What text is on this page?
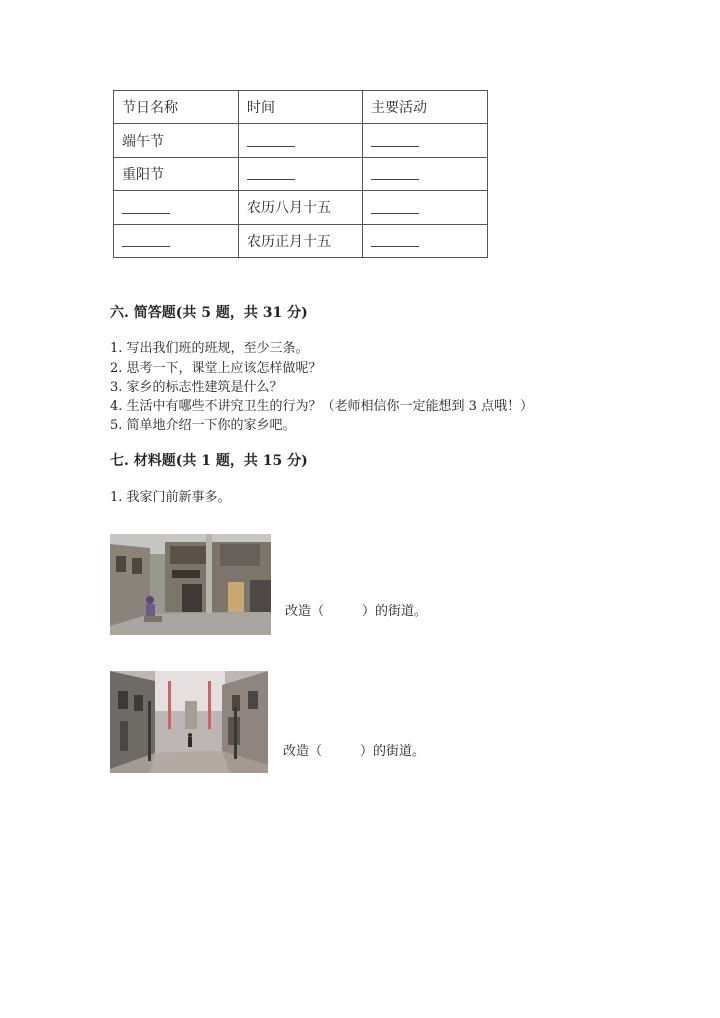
节日名称	时间	主要活动
端午节		
重阳节		
	农历八月十五	
	农历正月十五	
六. 简答题(共 5 题，共 31 分)
1. 写出我们班的班规，至少三条。
2. 思考一下，课堂上应该怎样做呢？
3. 家乡的标志性建筑是什么？
4. 生活中有哪些不讲究卫生的行为？（老师相信你一定能想到 3 点哦！）
5. 简单地介绍一下你的家乡吧。
七. 材料题(共 1 题，共 15 分)
1. 我家门前新事多。
改造（	）的街道。
改造（	）的街道。
